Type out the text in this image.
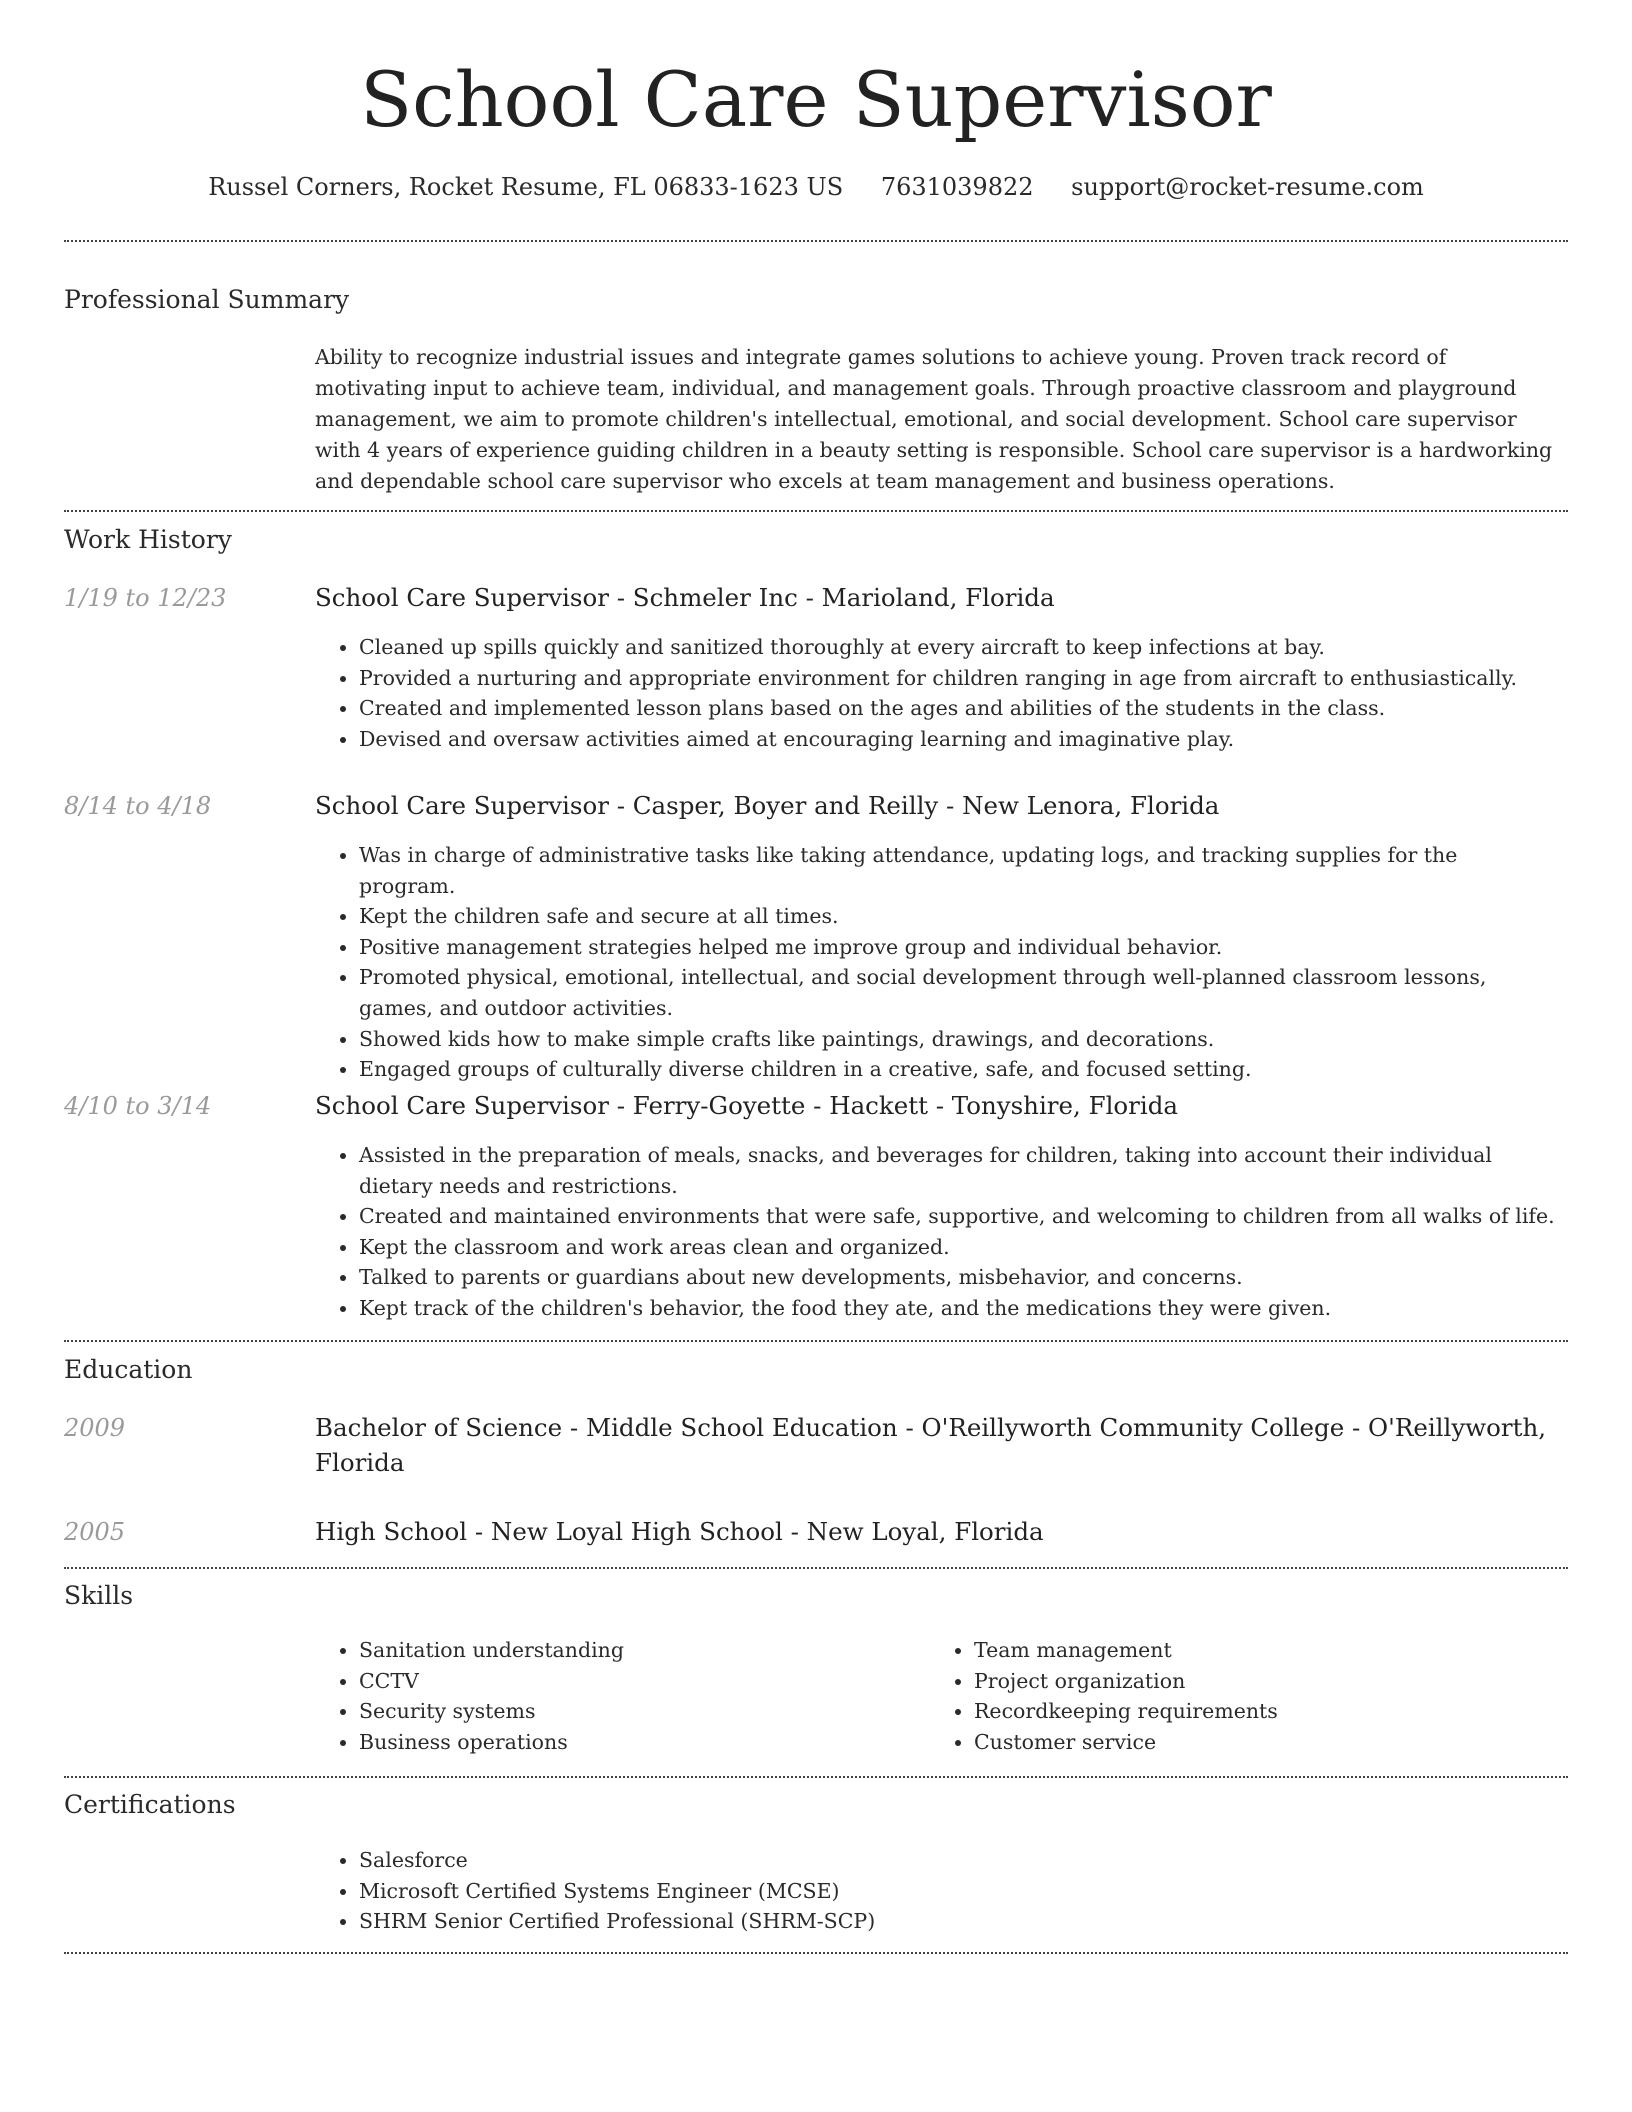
School Care Supervisor
Russel Corners, Rocket Resume, FL 06833-1623 US 7631039822 support@rocket-resume.com
Professional Summary

Ability to recognize industrial issues and integrate games solutions to achieve young. Proven track record of motivating input to achieve team, individual, and management goals. Through proactive classroom and playground management, we aim to promote children's intellectual, emotional, and social development. School care supervisor with 4 years of experience guiding children in a beauty setting is responsible. School care supervisor is a hardworking and dependable school care supervisor who excels at team management and business operations.

Work History
1/19 to 12/23	School Care Supervisor - Schmeler Inc - Marioland, Florida
• Cleaned up spills quickly and sanitized thoroughly at every aircraft to keep infections at bay.
• Provided a nurturing and appropriate environment for children ranging in age from aircraft to enthusiastically.
• Created and implemented lesson plans based on the ages and abilities of the students in the class.
• Devised and oversaw activities aimed at encouraging learning and imaginative play.
8/14 to 4/18	School Care Supervisor - Casper, Boyer and Reilly - New Lenora, Florida
• Was in charge of administrative tasks like taking attendance, updating logs, and tracking supplies for the program.
• Kept the children safe and secure at all times.
• Positive management strategies helped me improve group and individual behavior.
• Promoted physical, emotional, intellectual, and social development through well-planned classroom lessons, games, and outdoor activities.
• Showed kids how to make simple crafts like paintings, drawings, and decorations.
• Engaged groups of culturally diverse children in a creative, safe, and focused setting.
4/10 to 3/14	School Care Supervisor - Ferry-Goyette - Hackett - Tonyshire, Florida
• Assisted in the preparation of meals, snacks, and beverages for children, taking into account their individual dietary needs and restrictions.
• Created and maintained environments that were safe, supportive, and welcoming to children from all walks of life.
• Kept the classroom and work areas clean and organized.
• Talked to parents or guardians about new developments, misbehavior, and concerns.
• Kept track of the children's behavior, the food they ate, and the medications they were given.
Education
2009	Bachelor of Science - Middle School Education - O'Reillyworth Community College - O'Reillyworth, Florida
2005	High School - New Loyal High School - New Loyal, Florida
Skills
• Sanitation understanding
• CCTV
• Security systems
• Business operations
• Team management
• Project organization
• Recordkeeping requirements
• Customer service
Certifications
• Salesforce
• Microsoft Certified Systems Engineer (MCSE)
• SHRM Senior Certified Professional (SHRM-SCP)
